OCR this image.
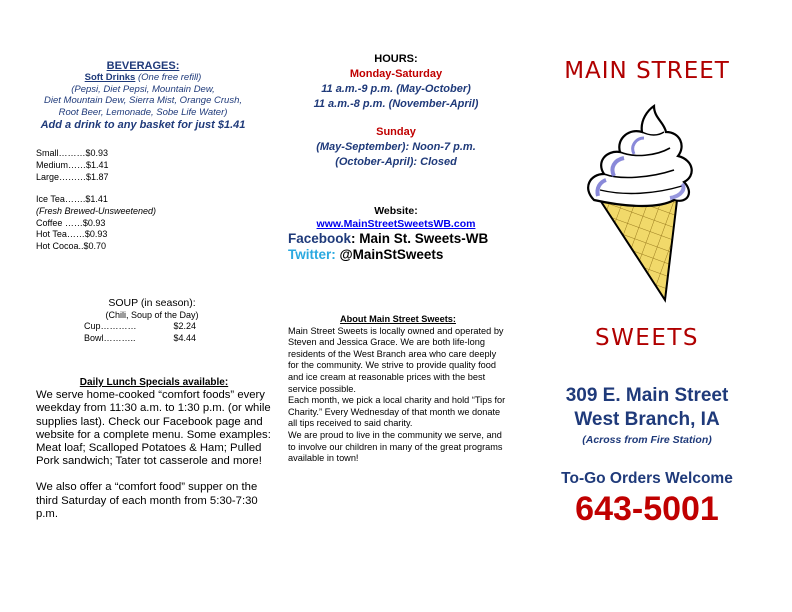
BEVERAGES:
Soft Drinks (One free refill)
(Pepsi, Diet Pepsi, Mountain Dew,
Diet Mountain Dew, Sierra Mist, Orange Crush,
Root Beer, Lemonade, Sobe Life Water)
Add a drink to any basket for just $1.41
Small………$0.93
Medium……$1.41
Large………$1.87
Ice Tea…….$1.41
(Fresh Brewed-Unsweetened)
Coffee ……$0.93
Hot Tea……$0.93
Hot Cocoa..$0.70
SOUP (in season):
(Chili, Soup of the Day)
Cup…………	$2.24
Bowl………..	$4.44
Daily Lunch Specials available:
We serve home-cooked “comfort foods” every weekday from 11:30 a.m. to 1:30 p.m. (or while supplies last). Check our Facebook page and website for a complete menu. Some examples: Meat loaf; Scalloped Potatoes & Ham; Pulled Pork sandwich; Tater tot casserole and more!
We also offer a “comfort food” supper on the third Saturday of each month from 5:30-7:30 p.m.
HOURS:
Monday-Saturday
11 a.m.-9 p.m. (May-October)
11 a.m.-8 p.m. (November-April)
Sunday
(May-September): Noon-7 p.m.
(October-April): Closed
Website:
www.MainStreetSweetsWB.com
Facebook: Main St. Sweets-WB
Twitter: @MainStSweets
About Main Street Sweets:
Main Street Sweets is locally owned and operated by Steven and Jessica Grace. We are both life-long residents of the West Branch area who care deeply for the community. We strive to provide quality food and ice cream at reasonable prices with the best service possible.
Each month, we pick a local charity and hold “Tips for Charity.” Every Wednesday of that month we donate all tips received to said charity.
We are proud to live in the community we serve, and to involve our children in many of the great programs available in town!
MAIN STREET
SWEETS
309 E. Main Street
West Branch, IA
(Across from Fire Station)
To-Go Orders Welcome
643-5001
